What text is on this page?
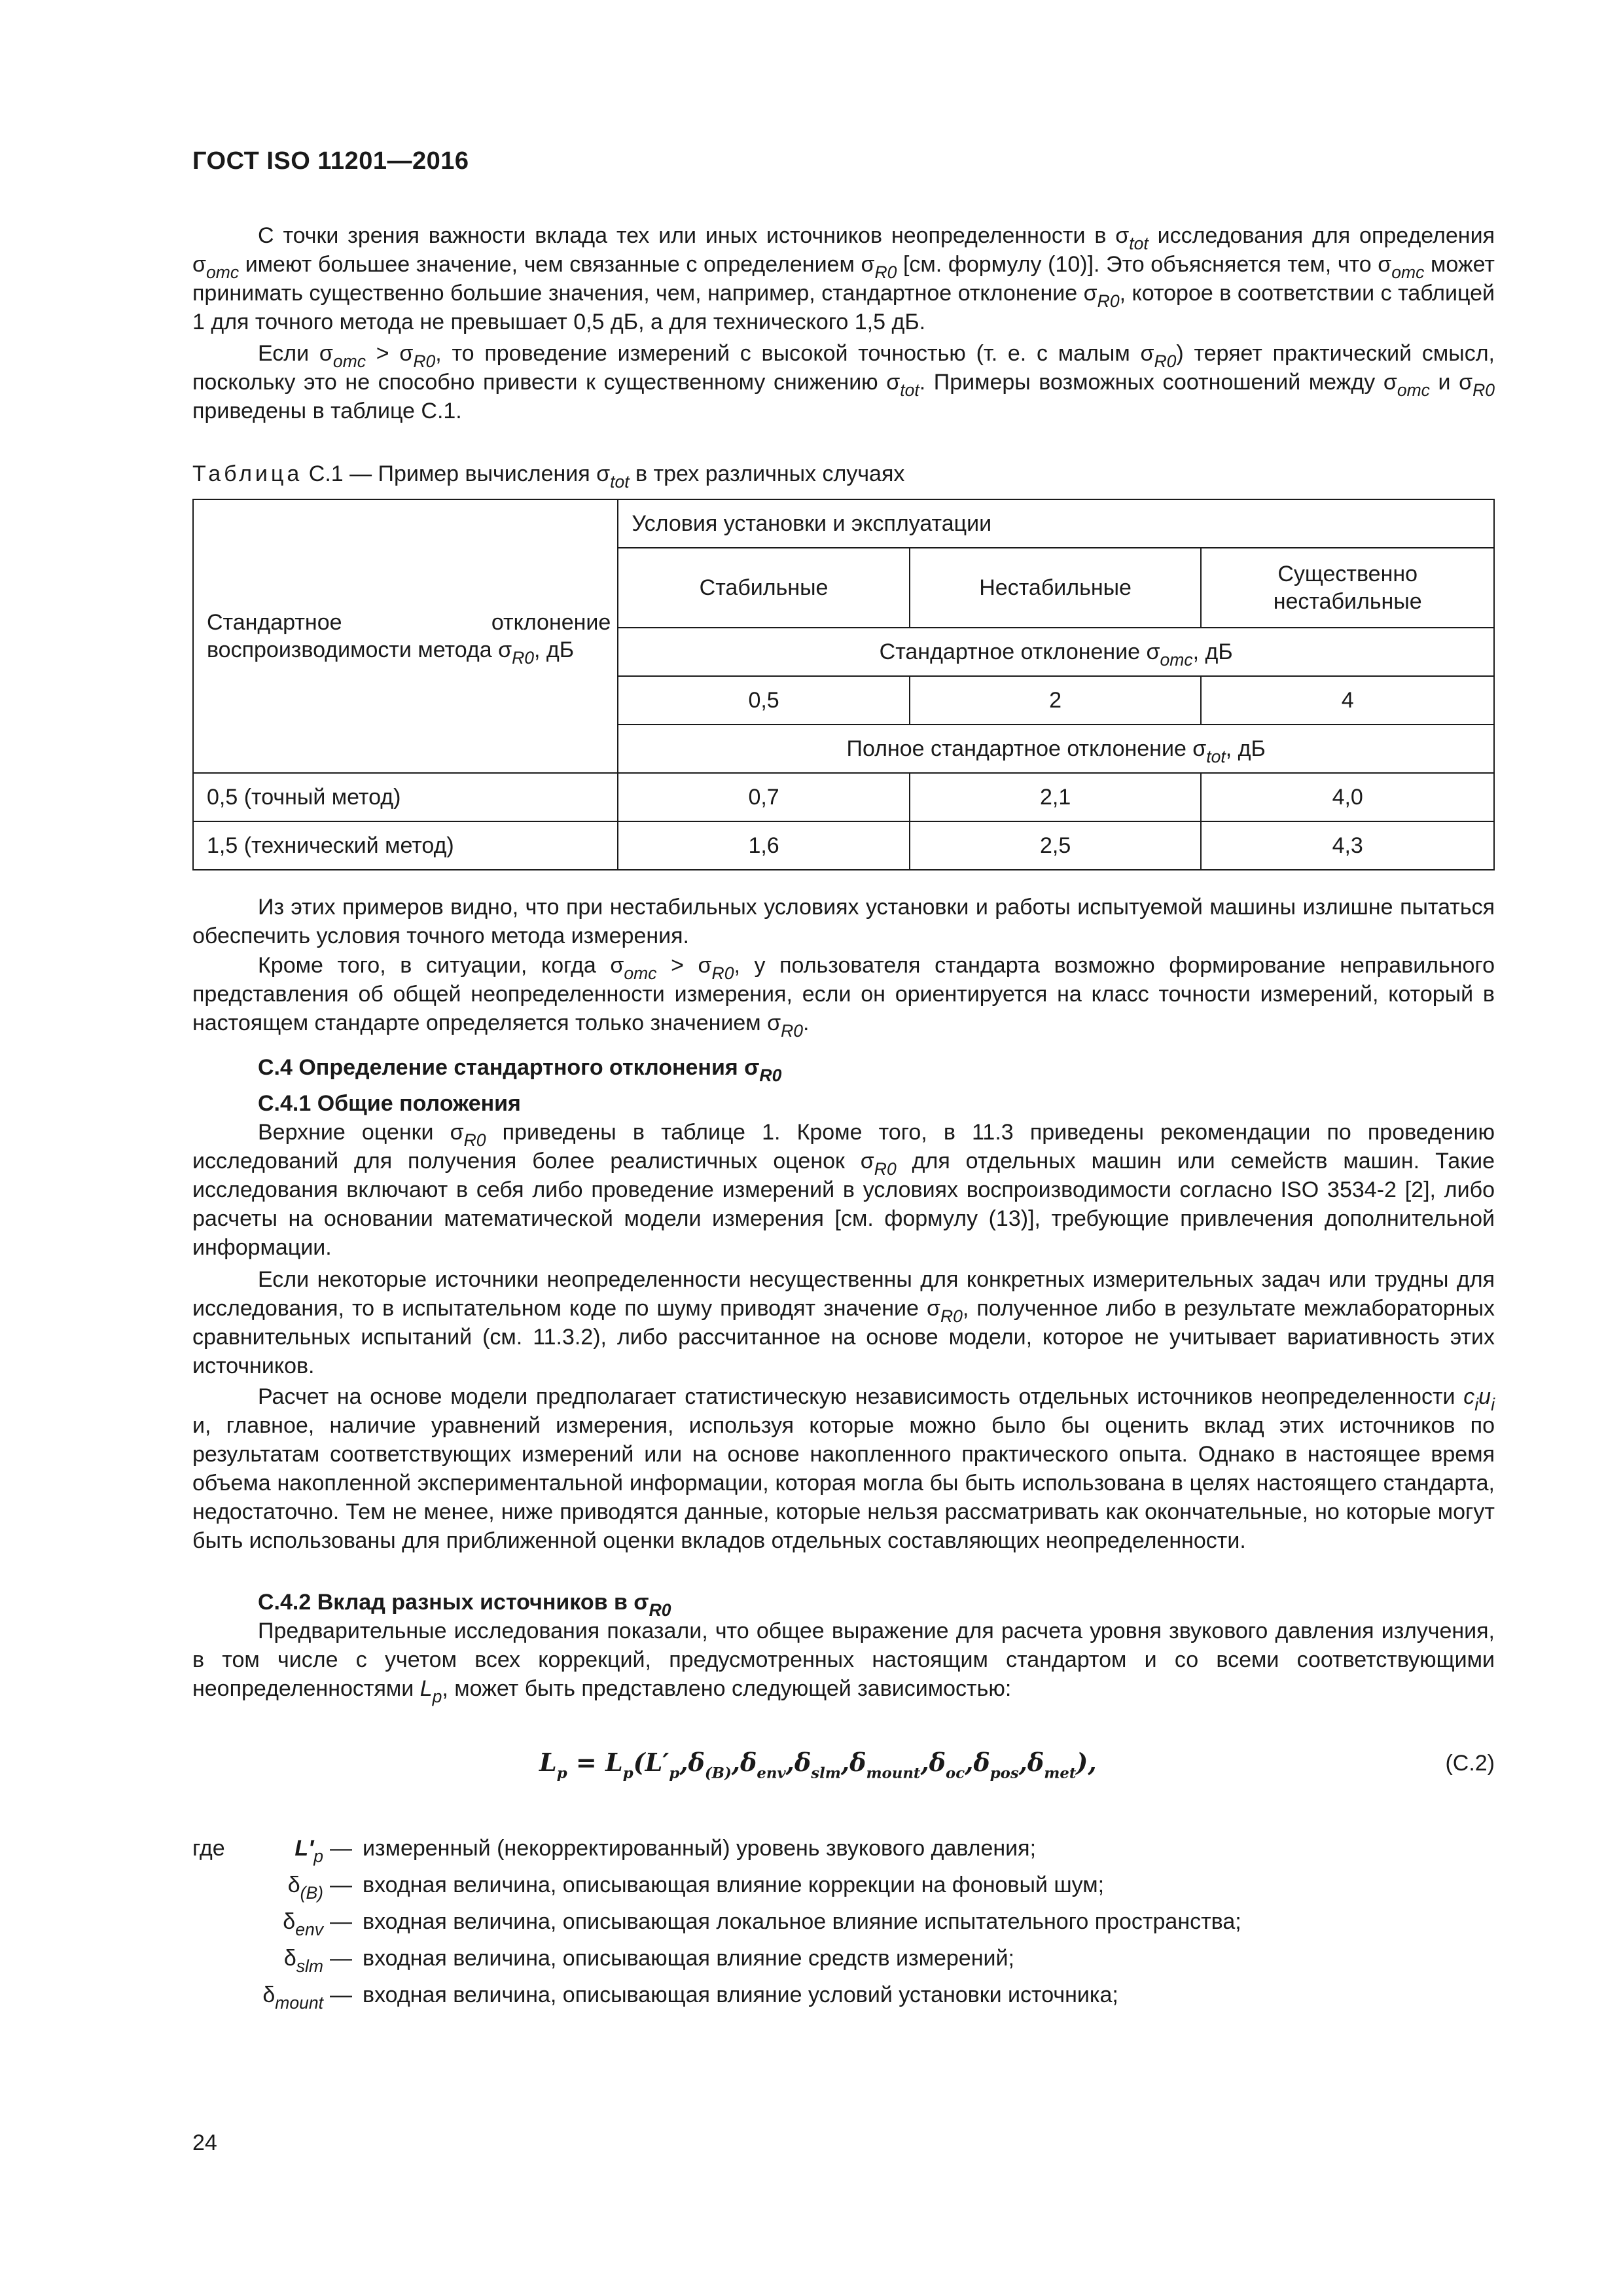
ГОСТ ISO 11201—2016

С точки зрения важности вклада тех или иных источников неопределенности в $\sigma_{tot}$ исследования для определения $\sigma_{omc}$ имеют большее значение, чем связанные с определением $\sigma_{R0}$ [см. формулу (10)]. Это объясняется тем, что $\sigma_{omc}$ может принимать существенно большие значения, чем, например, стандартное отклонение $\sigma_{R0}$, которое в соответствии с таблицей 1 для точного метода не превышает 0,5 дБ, а для технического 1,5 дБ.

Если $\sigma_{omc} > \sigma_{R0}$, то проведение измерений с высокой точностью (т. е. с малым $\sigma_{R0}$) теряет практический смысл, поскольку это не способно привести к существенному снижению $\sigma_{tot}$. Примеры возможных соотношений между $\sigma_{omc}$ и $\sigma_{R0}$ приведены в таблице С.1.

Таблица С.1 — Пример вычисления $\sigma_{tot}$ в трех различных случаях

Стандартное отклонение воспроизводимости метода $\sigma_{R0}$, дБ	Условия установки и эксплуатации		
	Стабильные	Нестабильные	Существенно нестабильные
	Стандартное отклонение $\sigma_{omc}$, дБ		
	0,5	2	4
	Полное стандартное отклонение $\sigma_{tot}$, дБ		
0,5 (точный метод)	0,7	2,1	4,0
1,5 (технический метод)	1,6	2,5	4,3

Из этих примеров видно, что при нестабильных условиях установки и работы испытуемой машины излишне пытаться обеспечить условия точного метода измерения.

Кроме того, в ситуации, когда $\sigma_{omc} > \sigma_{R0}$, у пользователя стандарта возможно формирование неправильного представления об общей неопределенности измерения, если он ориентируется на класс точности измерений, который в настоящем стандарте определяется только значением $\sigma_{R0}$.

С.4 Определение стандартного отклонения $\sigma_{R0}$

С.4.1 Общие положения

Верхние оценки $\sigma_{R0}$ приведены в таблице 1. Кроме того, в 11.3 приведены рекомендации по проведению исследований для получения более реалистичных оценок $\sigma_{R0}$ для отдельных машин или семейств машин. Такие исследования включают в себя либо проведение измерений в условиях воспроизводимости согласно ISO 3534-2 [2], либо расчеты на основании математической модели измерения [см. формулу (13)], требующие привлечения дополнительной информации.

Если некоторые источники неопределенности несущественны для конкретных измерительных задач или трудны для исследования, то в испытательном коде по шуму приводят значение $\sigma_{R0}$, полученное либо в результате межлабораторных сравнительных испытаний (см. 11.3.2), либо рассчитанное на основе модели, которое не учитывает вариативность этих источников.

Расчет на основе модели предполагает статистическую независимость отдельных источников неопределенности $c_iu_i$ и, главное, наличие уравнений измерения, используя которые можно было бы оценить вклад этих источников по результатам соответствующих измерений или на основе накопленного практического опыта. Однако в настоящее время объема накопленной экспериментальной информации, которая могла бы быть использована в целях настоящего стандарта, недостаточно. Тем не менее, ниже приводятся данные, которые нельзя рассматривать как окончательные, но которые могут быть использованы для приближенной оценки вкладов отдельных составляющих неопределенности.

С.4.2 Вклад разных источников в $\sigma_{R0}$

Предварительные исследования показали, что общее выражение для расчета уровня звукового давления излучения, в том числе с учетом всех коррекций, предусмотренных настоящим стандартом и со всеми соответствующими неопределенностями $L_p$, может быть представлено следующей зависимостью:

$L_p = L_p(L'_p,\delta_{(B)},\delta_{env},\delta_{slm},\delta_{mount},\delta_{oc},\delta_{pos},\delta_{met})$,	(С.2)
где	$L'_p$ — измеренный (некорректированный) уровень звукового давления;
$\delta_{(B)}$ — входная величина, описывающая влияние коррекции на фоновый шум;
$\delta_{env}$ — входная величина, описывающая локальное влияние испытательного пространства;
$\delta_{slm}$ — входная величина, описывающая влияние средств измерений;
$\delta_{mount}$ — входная величина, описывающая влияние условий установки источника;
24
